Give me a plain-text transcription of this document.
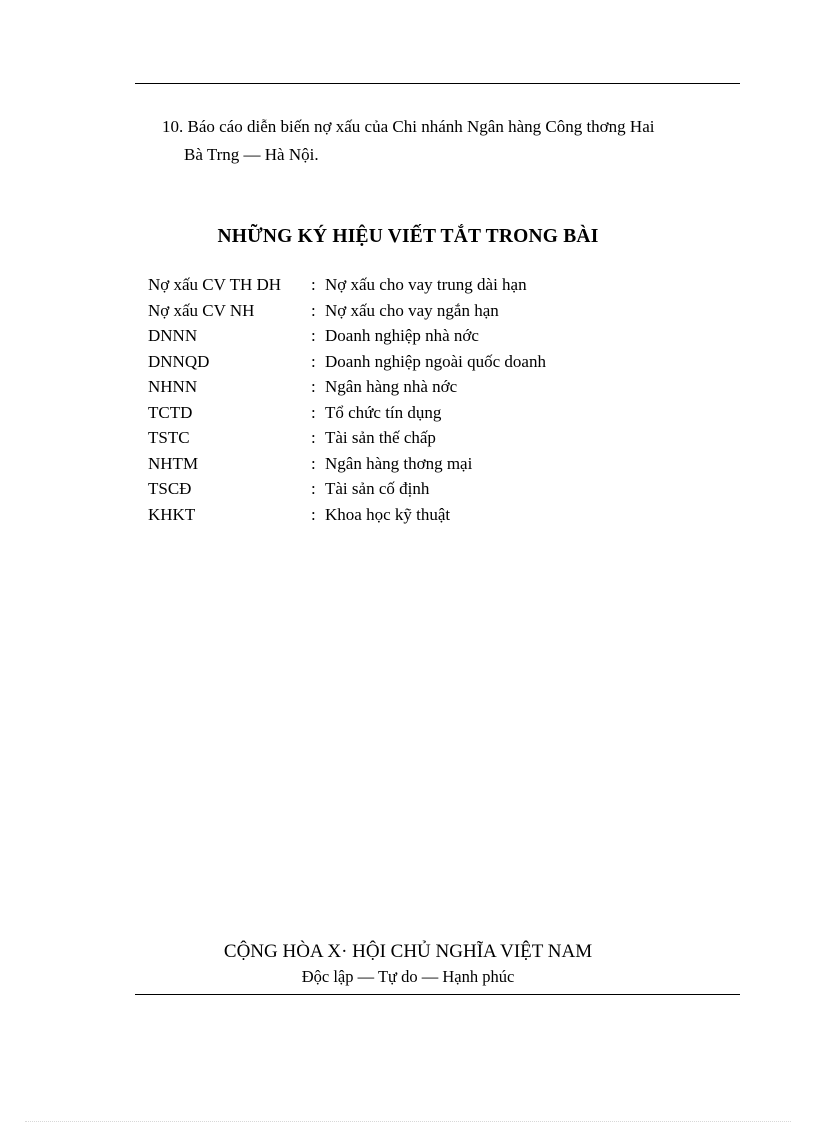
10. Báo cáo diễn biến nợ xấu của Chi nhánh Ngân hàng Công thơng Hai
Bà Trng — Hà Nội.
NHỮNG KÝ HIỆU VIẾT TẮT TRONG BÀI
Nợ xấu CV TH DH : Nợ xấu cho vay trung dài hạn
Nợ xấu CV NH	: Nợ xấu cho vay ngắn hạn
DNNN	: Doanh nghiệp nhà nớc
DNNQD	: Doanh nghiệp ngoài quốc doanh
NHNN	: Ngân hàng nhà nớc
TCTD	: Tổ chức tín dụng
TSTC	: Tài sản thế chấp
NHTM	: Ngân hàng thơng mại
TSCĐ	: Tài sản cố định
KHKT	: Khoa học kỹ thuật
CỘNG HÒA X· HỘI CHỦ NGHĨA VIỆT NAM
Độc lập — Tự do — Hạnh phúc
